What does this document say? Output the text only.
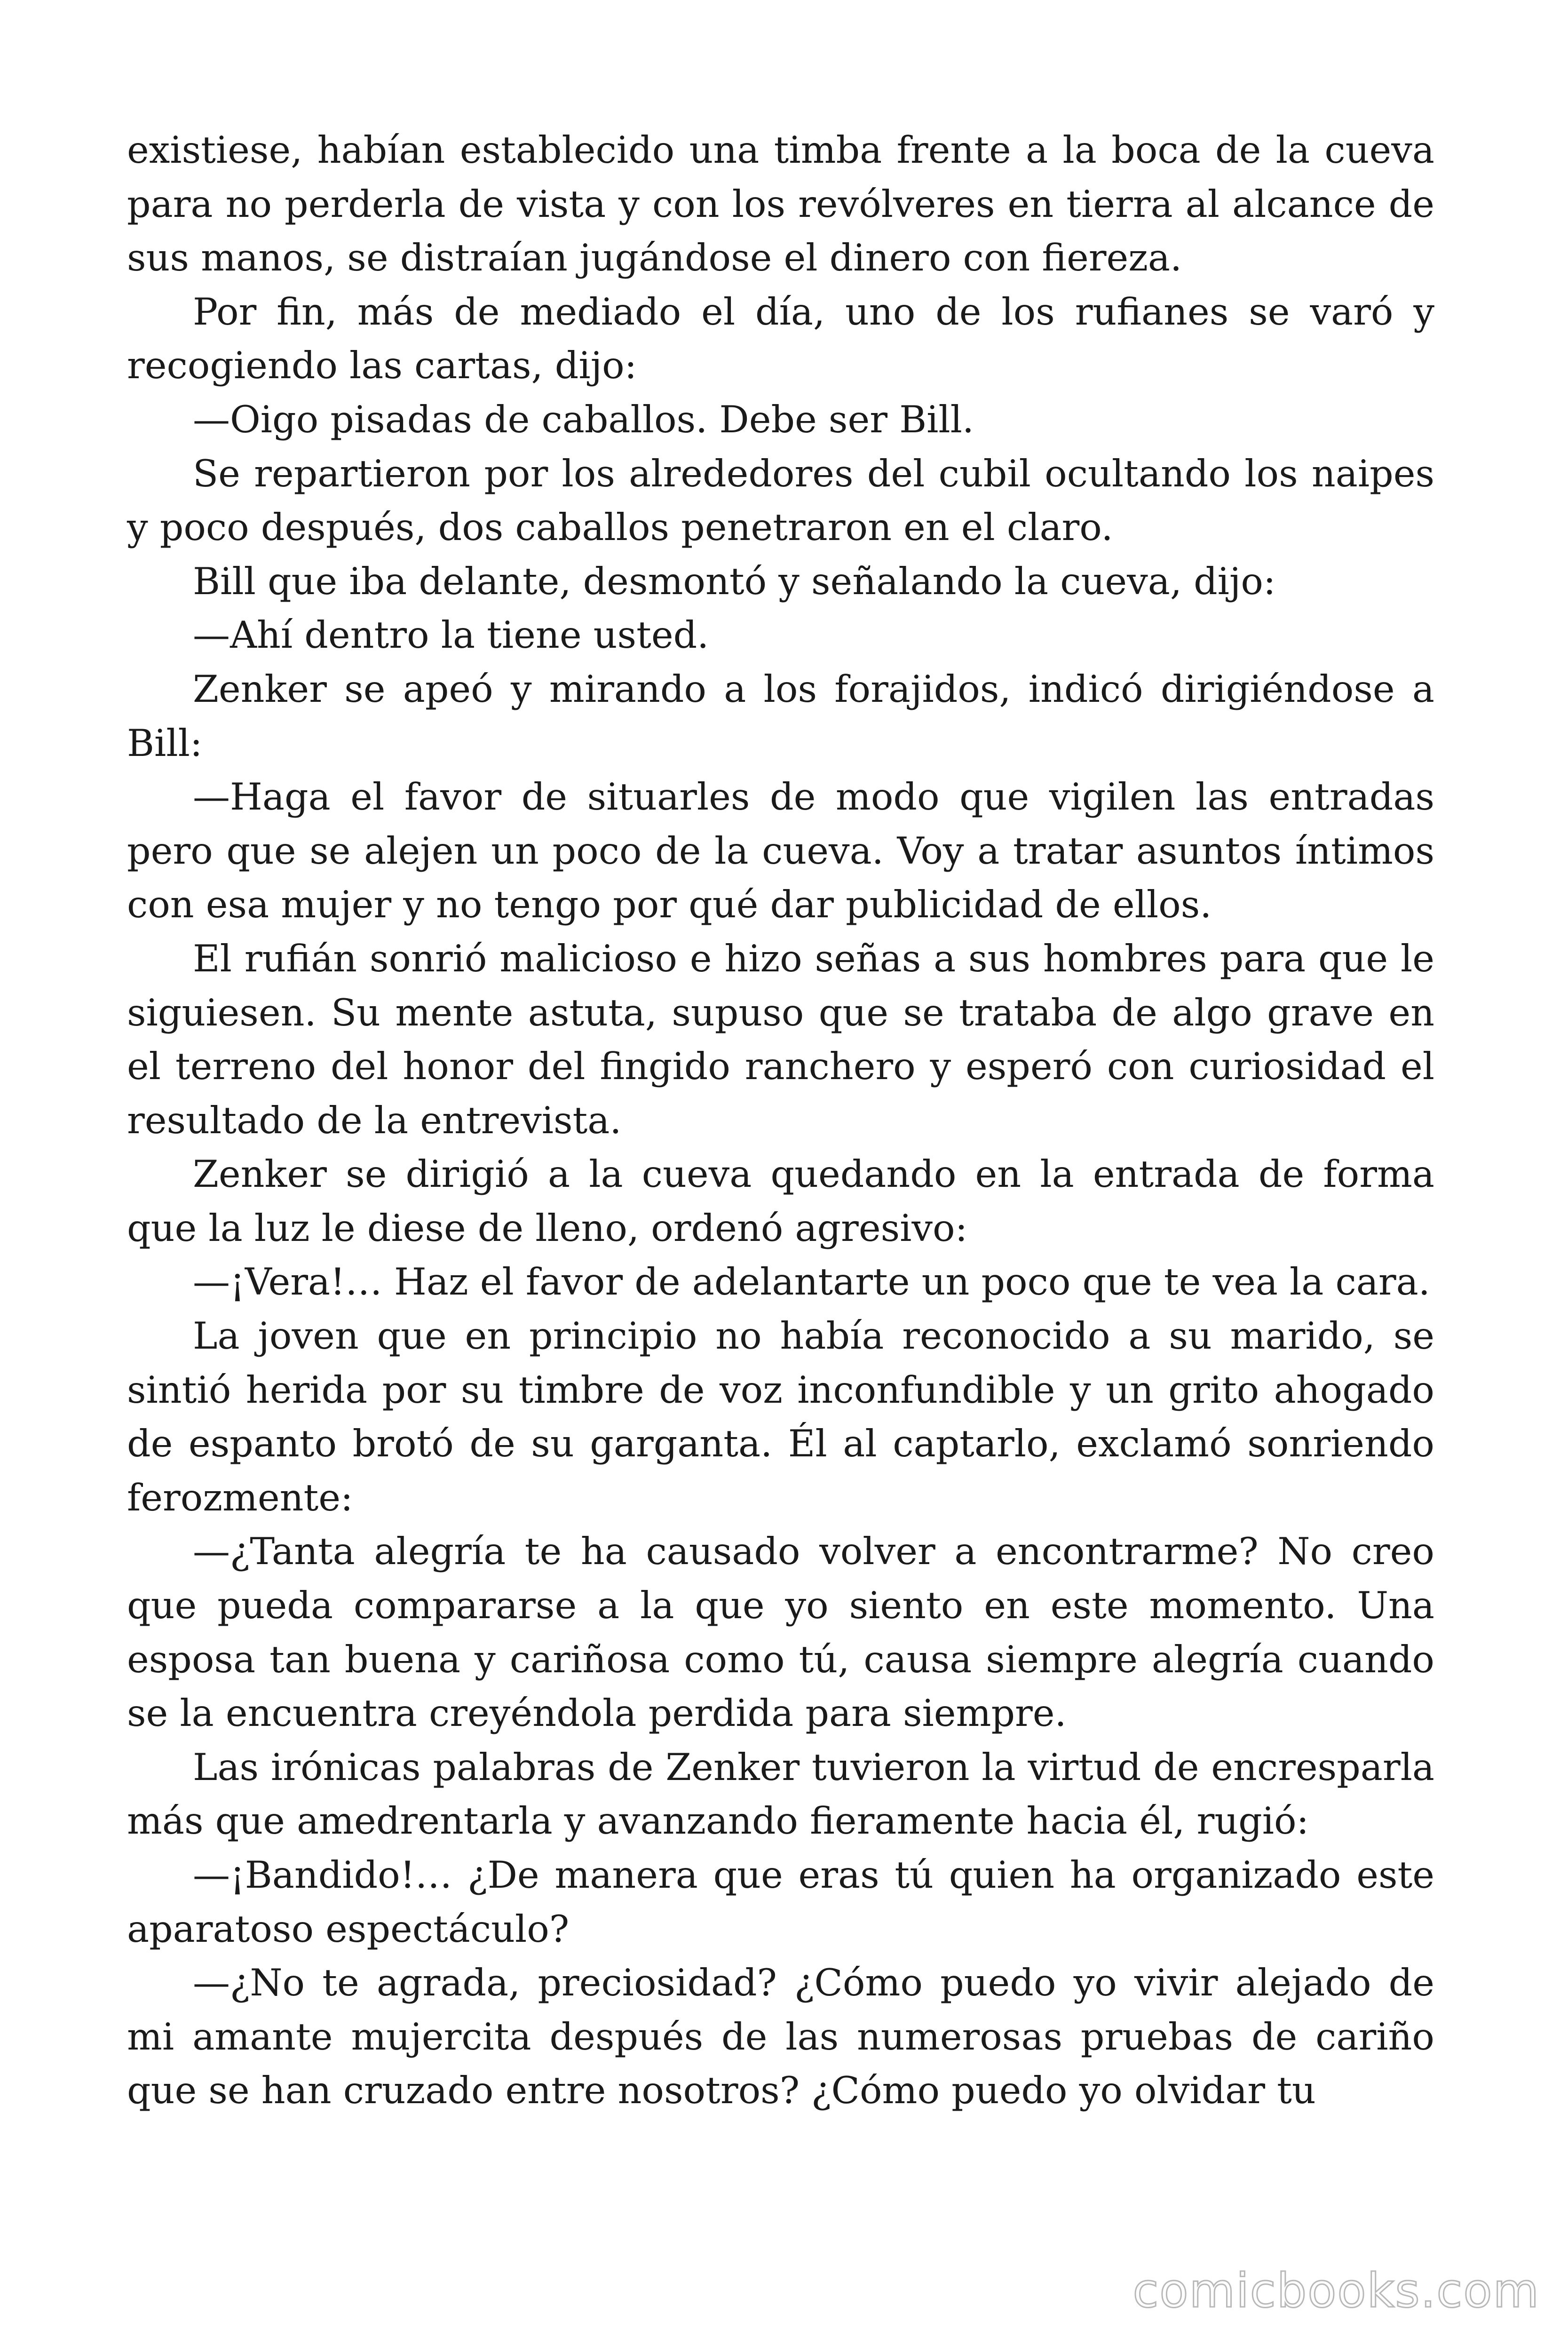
existiese, habían establecido una timba frente a la boca de la cueva para no perderla de vista y con los revólveres en tierra al alcance de sus manos, se distraían jugándose el dinero con fiereza.

Por fin, más de mediado el día, uno de los rufianes se varó y recogiendo las cartas, dijo:

—Oigo pisadas de caballos. Debe ser Bill.

Se repartieron por los alrededores del cubil ocultando los naipes y poco después, dos caballos penetraron en el claro.

Bill que iba delante, desmontó y señalando la cueva, dijo:

—Ahí dentro la tiene usted.

Zenker se apeó y mirando a los forajidos, indicó dirigiéndose a Bill:

—Haga el favor de situarles de modo que vigilen las entradas pero que se alejen un poco de la cueva. Voy a tratar asuntos íntimos con esa mujer y no tengo por qué dar publicidad de ellos.

El rufián sonrió malicioso e hizo señas a sus hombres para que le siguiesen. Su mente astuta, supuso que se trataba de algo grave en el terreno del honor del fingido ranchero y esperó con curiosidad el resultado de la entrevista.

Zenker se dirigió a la cueva quedando en la entrada de forma que la luz le diese de lleno, ordenó agresivo:

—¡Vera!… Haz el favor de adelantarte un poco que te vea la cara.

La joven que en principio no había reconocido a su marido, se sintió herida por su timbre de voz inconfundible y un grito ahogado de espanto brotó de su garganta. Él al captarlo, exclamó sonriendo ferozmente:

—¿Tanta alegría te ha causado volver a encontrarme? No creo que pueda compararse a la que yo siento en este momento. Una esposa tan buena y cariñosa como tú, causa siempre alegría cuando se la encuentra creyéndola perdida para siempre.

Las irónicas palabras de Zenker tuvieron la virtud de encresparla más que amedrentarla y avanzando fieramente hacia él, rugió:

—¡Bandido!… ¿De manera que eras tú quien ha organizado este aparatoso espectáculo?

—¿No te agrada, preciosidad? ¿Cómo puedo yo vivir alejado de mi amante mujercita después de las numerosas pruebas de cariño que se han cruzado entre nosotros? ¿Cómo puedo yo olvidar tu

comicbooks.com
